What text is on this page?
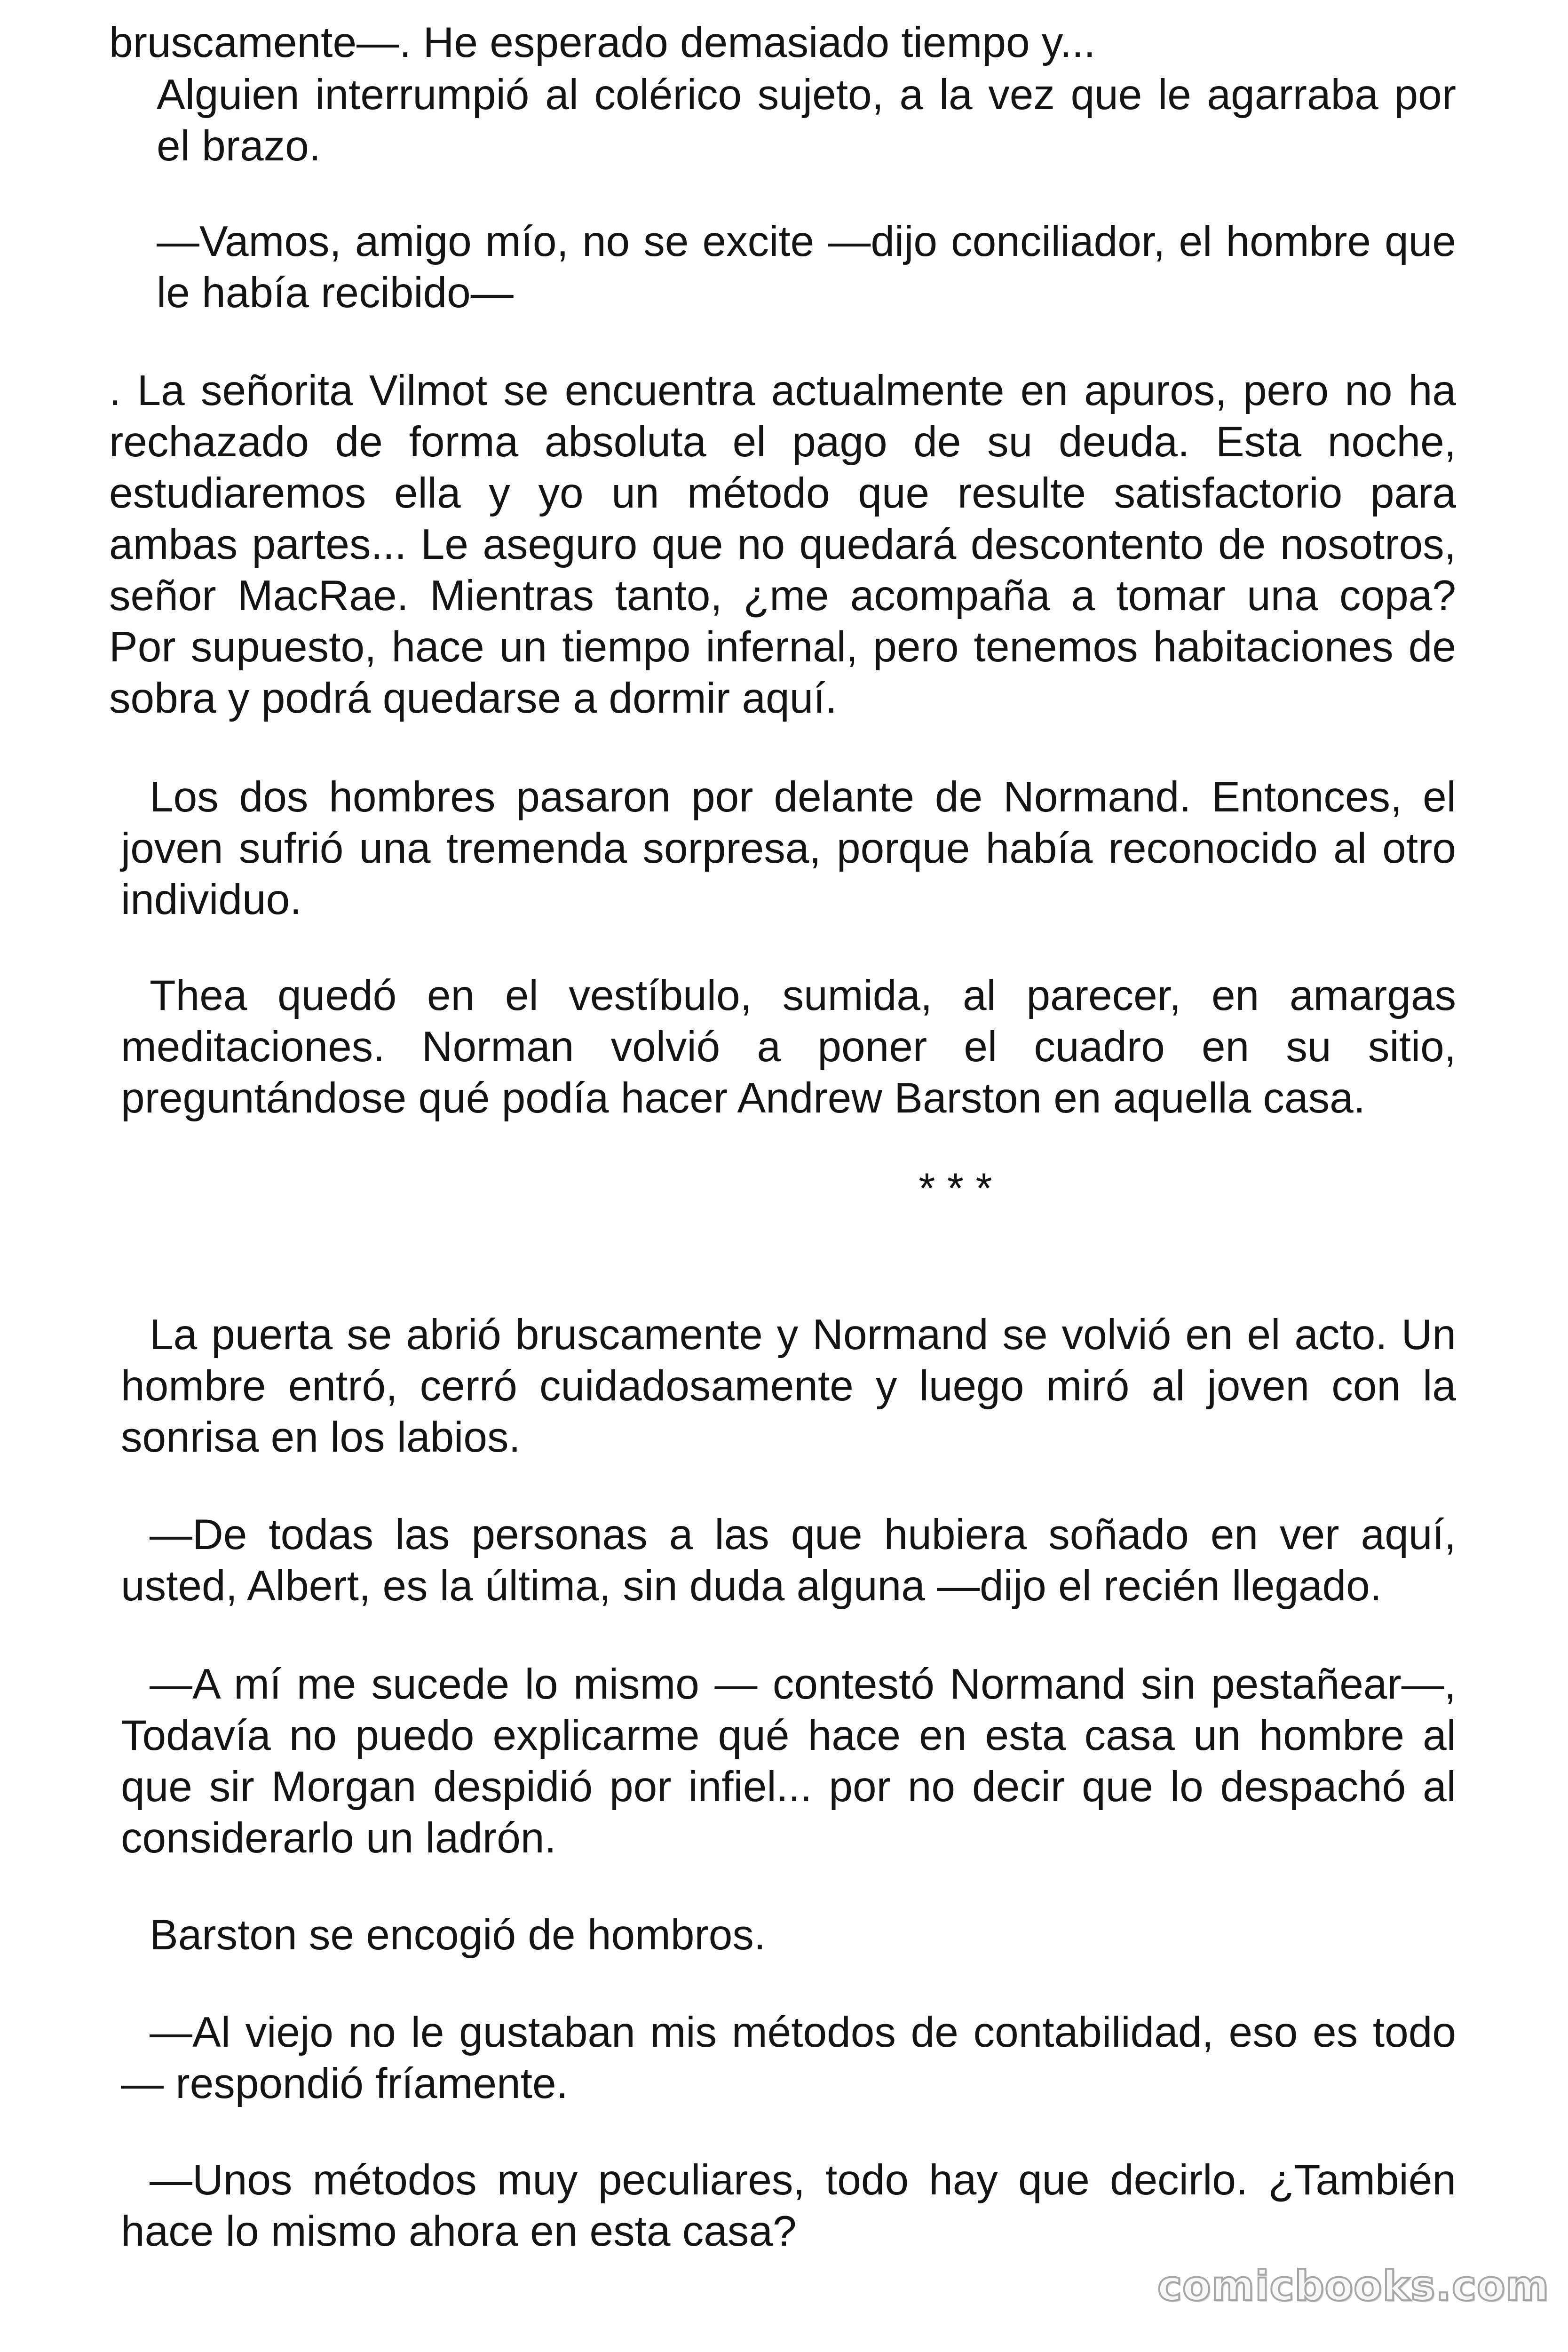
bruscamente—. He esperado demasiado tiempo y...
Alguien interrumpió al colérico sujeto, a la vez que le agarraba por
el brazo.
—Vamos, amigo mío, no se excite —dijo conciliador, el hombre que
le había recibido—
. La señorita Vilmot se encuentra actualmente en apuros, pero no ha
rechazado de forma absoluta el pago de su deuda. Esta noche,
estudiaremos ella y yo un método que resulte satisfactorio para
ambas partes... Le aseguro que no quedará descontento de nosotros,
señor MacRae. Mientras tanto, ¿me acompaña a tomar una copa?
Por supuesto, hace un tiempo infernal, pero tenemos habitaciones de
sobra y podrá quedarse a dormir aquí.
Los dos hombres pasaron por delante de Normand. Entonces, el
joven sufrió una tremenda sorpresa, porque había reconocido al otro
individuo.
Thea quedó en el vestíbulo, sumida, al parecer, en amargas
meditaciones. Norman volvió a poner el cuadro en su sitio,
preguntándose qué podía hacer Andrew Barston en aquella casa.
* * *
La puerta se abrió bruscamente y Normand se volvió en el acto. Un
hombre entró, cerró cuidadosamente y luego miró al joven con la
sonrisa en los labios.
—De todas las personas a las que hubiera soñado en ver aquí,
usted, Albert, es la última, sin duda alguna —dijo el recién llegado.
—A mí me sucede lo mismo — contestó Normand sin pestañear—,
Todavía no puedo explicarme qué hace en esta casa un hombre al
que sir Morgan despidió por infiel... por no decir que lo despachó al
considerarlo un ladrón.
Barston se encogió de hombros.
—Al viejo no le gustaban mis métodos de contabilidad, eso es todo
— respondió fríamente.
—Unos métodos muy peculiares, todo hay que decirlo. ¿También
hace lo mismo ahora en esta casa?
comicbooks.com
